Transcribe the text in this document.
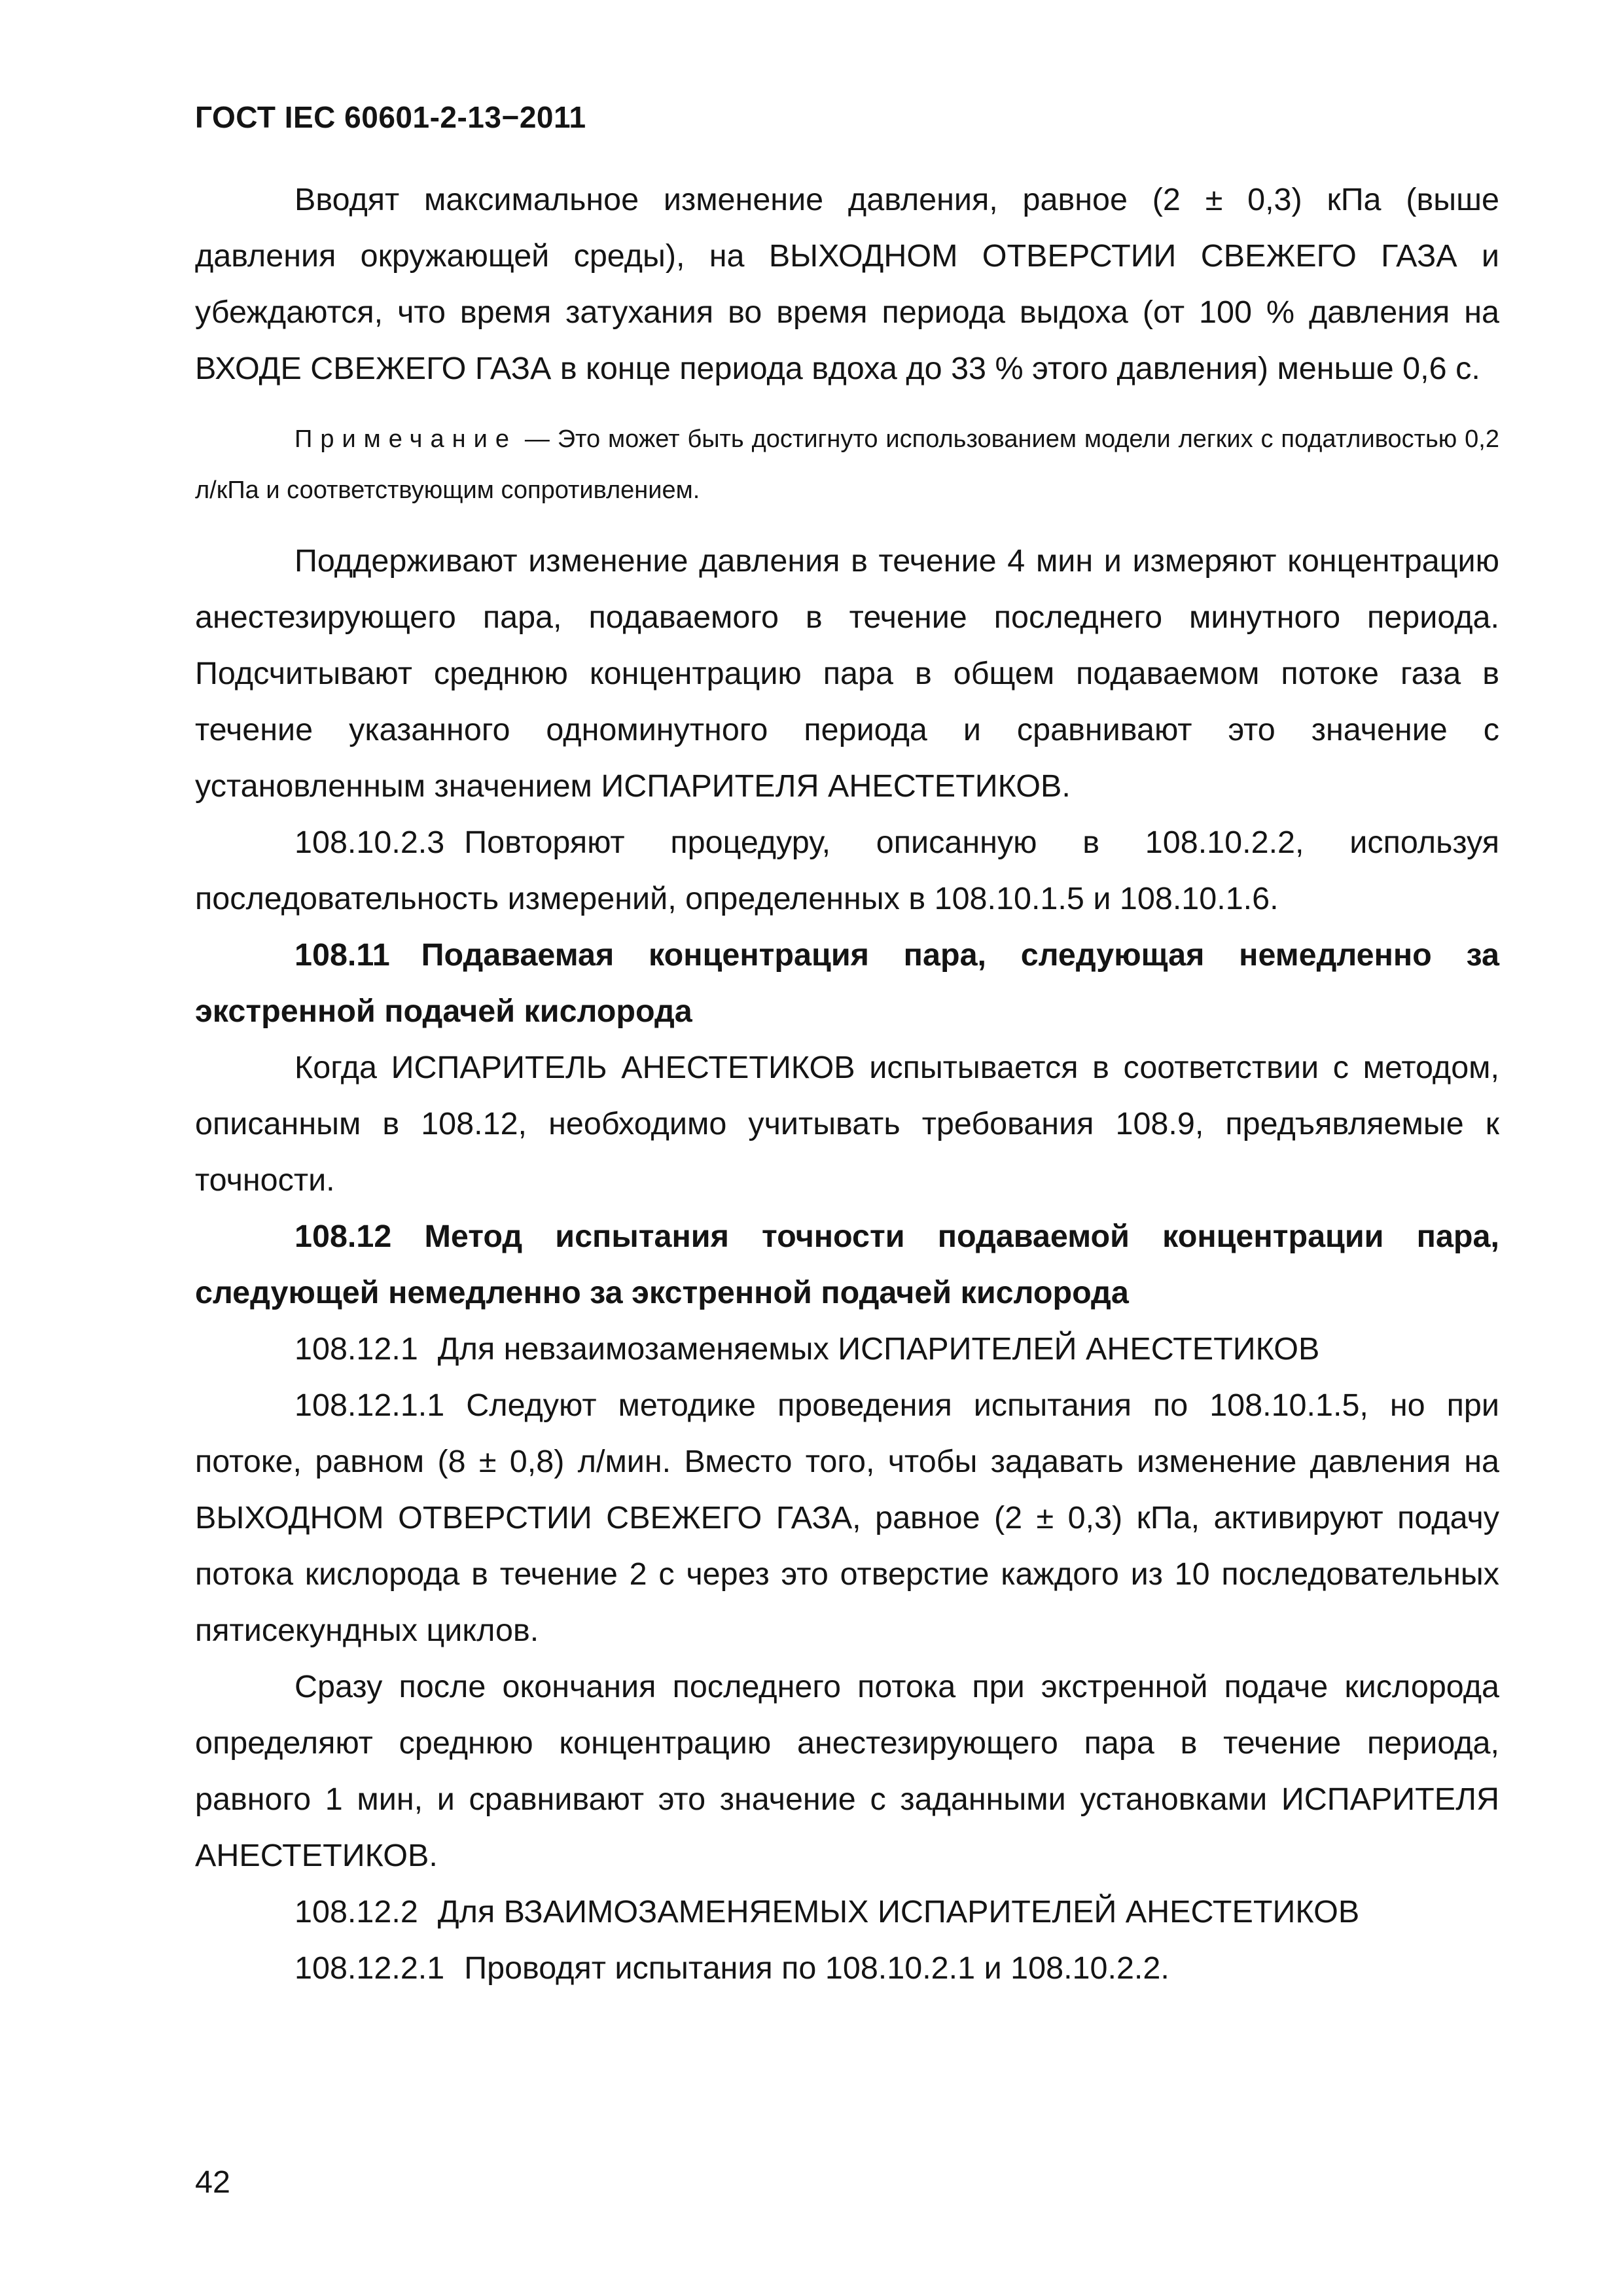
ГОСТ IEC 60601-2-13−2011

Вводят максимальное изменение давления, равное (2 ± 0,3) кПа (выше давления окружающей среды), на ВЫХОДНОМ ОТВЕРСТИИ СВЕЖЕГО ГАЗА и убеждаются, что время затухания во время периода выдоха (от 100 % давления на ВХОДЕ СВЕЖЕГО ГАЗА в конце периода вдоха до 33 % этого давления) меньше 0,6 с.

Примечание — Это может быть достигнуто использованием модели легких с податливостью 0,2 л/кПа и соответствующим сопротивлением.

Поддерживают изменение давления в течение 4 мин и измеряют концентрацию анестезирующего пара, подаваемого в течение последнего минутного периода. Подсчитывают среднюю концентрацию пара в общем подаваемом потоке газа в течение указанного одноминутного периода и сравнивают это значение с установленным значением ИСПАРИТЕЛЯ АНЕСТЕТИКОВ.

108.10.2.3 Повторяют процедуру, описанную в 108.10.2.2, используя последовательность измерений, определенных в 108.10.1.5 и 108.10.1.6.

108.11 Подаваемая концентрация пара, следующая немедленно за экстренной подачей кислорода

Когда ИСПАРИТЕЛЬ АНЕСТЕТИКОВ испытывается в соответствии с методом, описанным в 108.12, необходимо учитывать требования 108.9, предъявляемые к точности.

108.12 Метод испытания точности подаваемой концентрации пара, следующей немедленно за экстренной подачей кислорода

108.12.1 Для невзаимозаменяемых ИСПАРИТЕЛЕЙ АНЕСТЕТИКОВ

108.12.1.1 Следуют методике проведения испытания по 108.10.1.5, но при потоке, равном (8 ± 0,8) л/мин. Вместо того, чтобы задавать изменение давления на ВЫХОДНОМ ОТВЕРСТИИ СВЕЖЕГО ГАЗА, равное (2 ± 0,3) кПа, активируют подачу потока кислорода в течение 2 с через это отверстие каждого из 10 последовательных пятисекундных циклов.

Сразу после окончания последнего потока при экстренной подаче кислорода определяют среднюю концентрацию анестезирующего пара в течение периода, равного 1 мин, и сравнивают это значение с заданными установками ИСПАРИТЕЛЯ АНЕСТЕТИКОВ.

108.12.2 Для ВЗАИМОЗАМЕНЯЕМЫХ ИСПАРИТЕЛЕЙ АНЕСТЕТИКОВ

108.12.2.1 Проводят испытания по 108.10.2.1 и 108.10.2.2.

42
